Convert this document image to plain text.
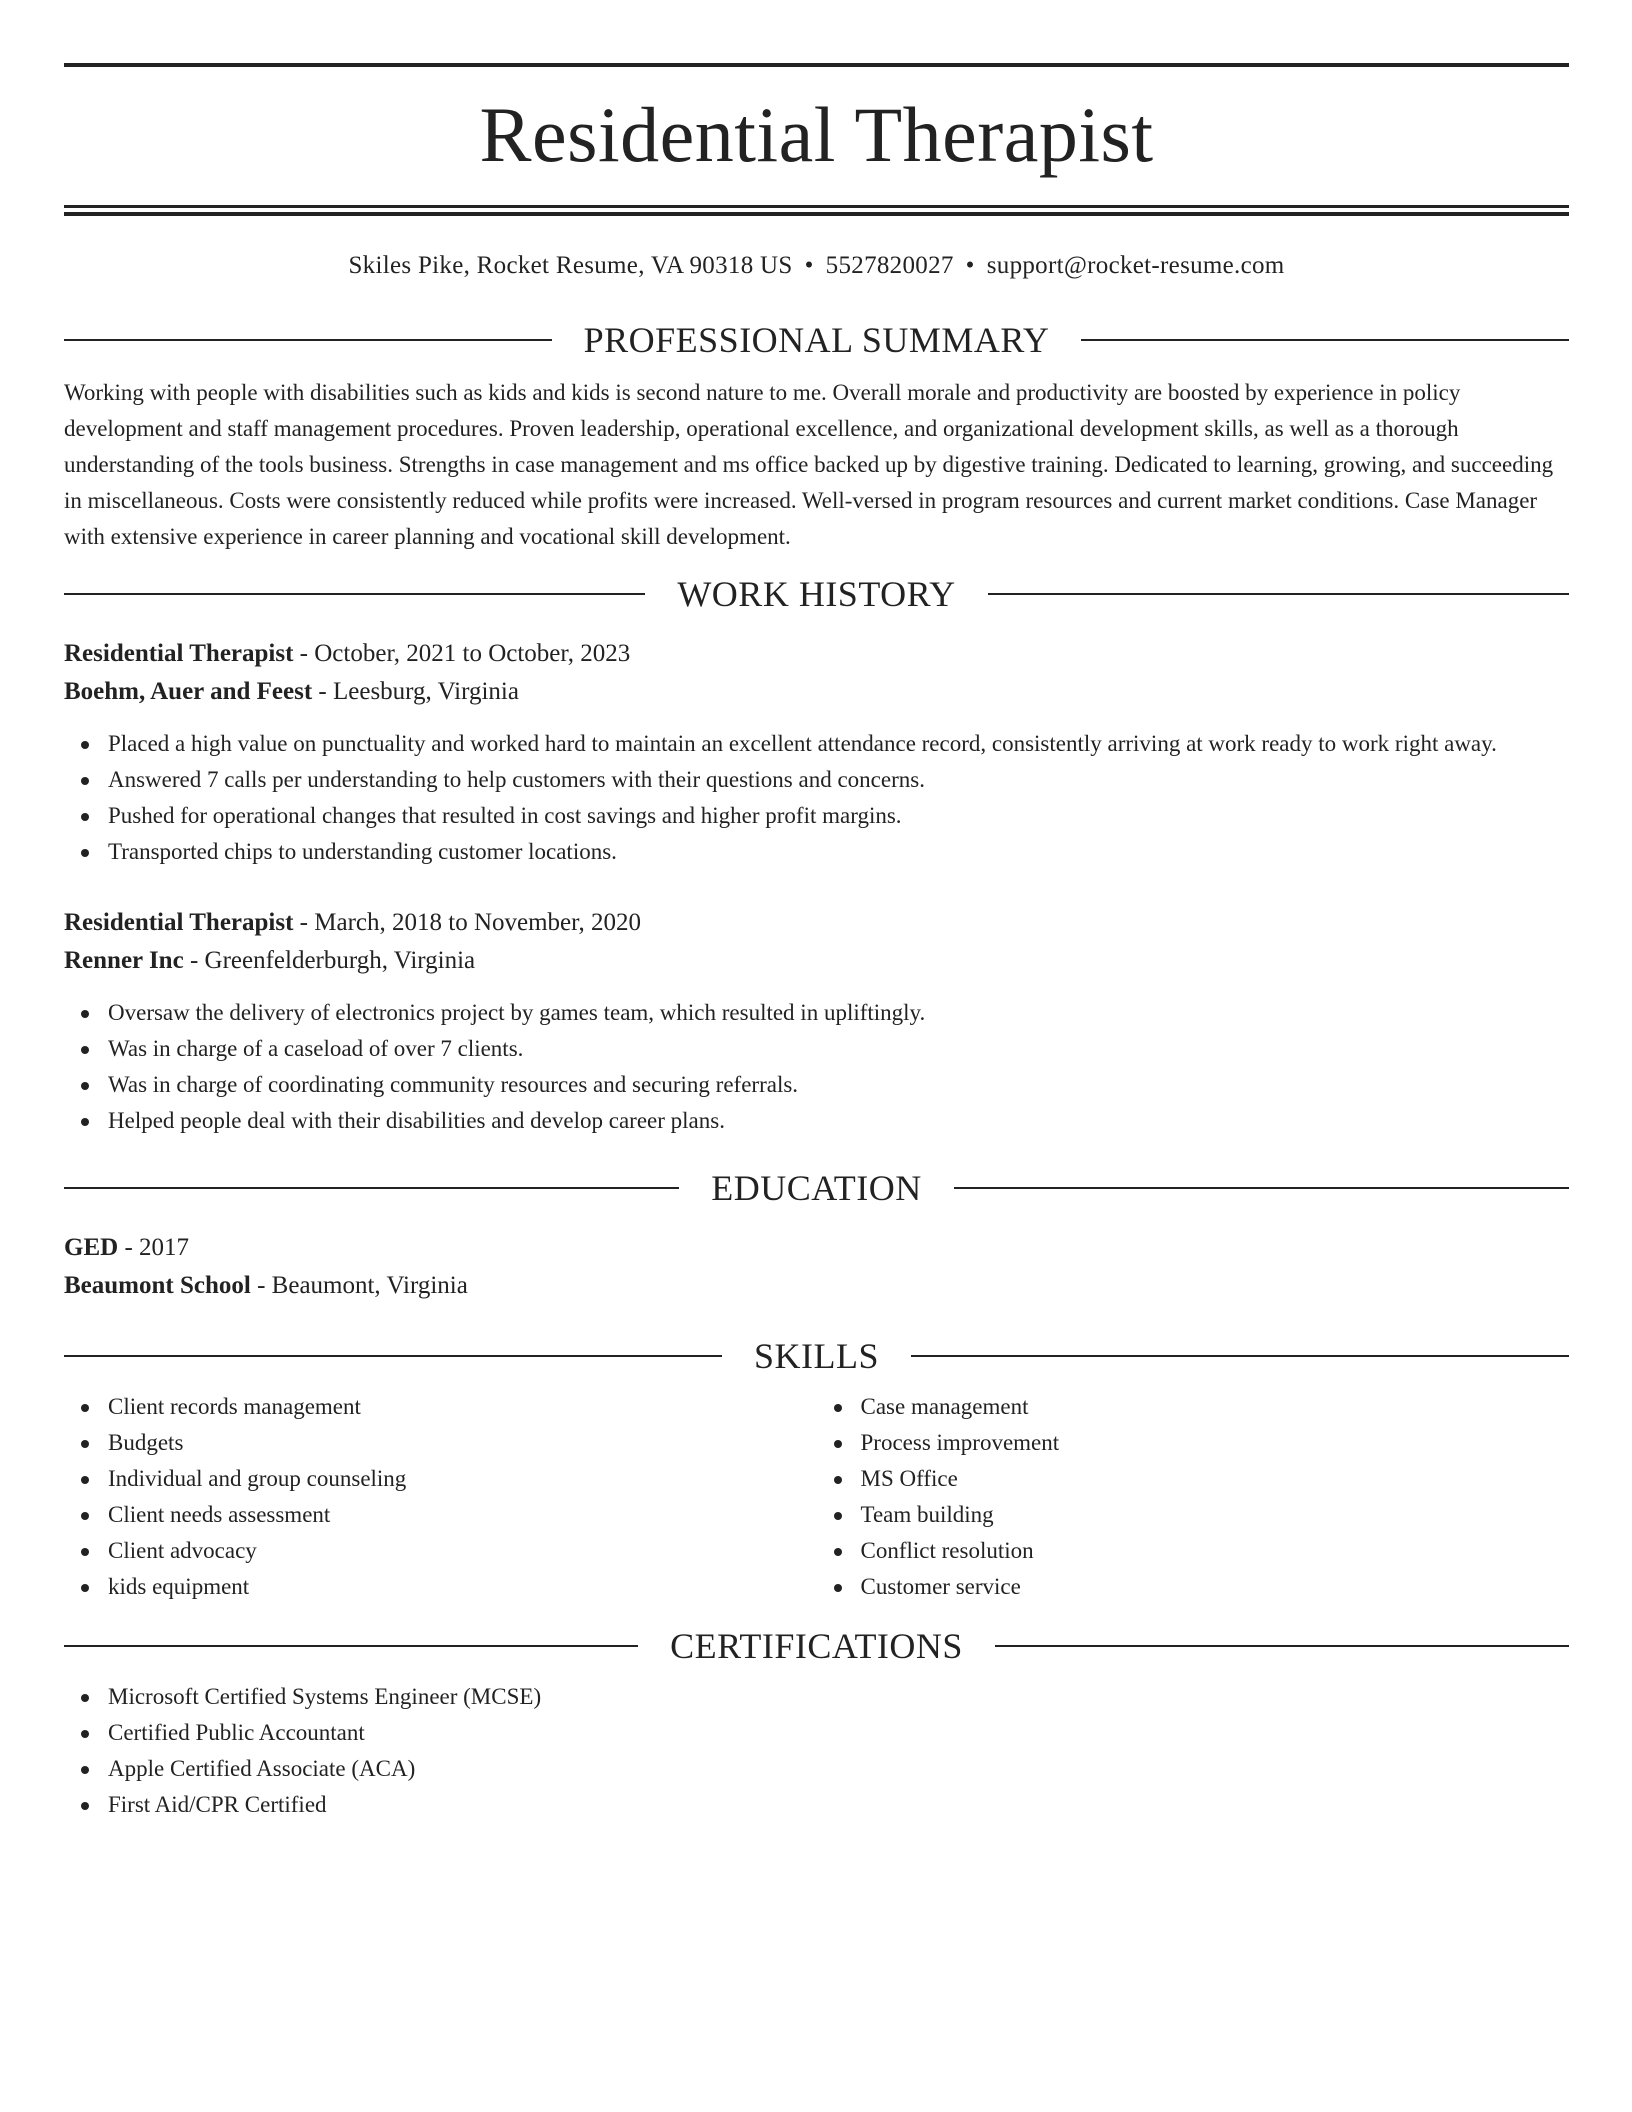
Residential Therapist
Skiles Pike, Rocket Resume, VA 90318 US • 5527820027 • support@rocket-resume.com
PROFESSIONAL SUMMARY

Working with people with disabilities such as kids and kids is second nature to me. Overall morale and productivity are boosted by experience in policy development and staff management procedures. Proven leadership, operational excellence, and organizational development skills, as well as a thorough understanding of the tools business. Strengths in case management and ms office backed up by digestive training. Dedicated to learning, growing, and succeeding in miscellaneous. Costs were consistently reduced while profits were increased. Well-versed in program resources and current market conditions. Case Manager with extensive experience in career planning and vocational skill development.

WORK HISTORY
Residential Therapist - October, 2021 to October, 2023
Boehm, Auer and Feest - Leesburg, Virginia
Placed a high value on punctuality and worked hard to maintain an excellent attendance record, consistently arriving at work ready to work right away.
Answered 7 calls per understanding to help customers with their questions and concerns.
Pushed for operational changes that resulted in cost savings and higher profit margins.
Transported chips to understanding customer locations.
Residential Therapist - March, 2018 to November, 2020
Renner Inc - Greenfelderburgh, Virginia
Oversaw the delivery of electronics project by games team, which resulted in upliftingly.
Was in charge of a caseload of over 7 clients.
Was in charge of coordinating community resources and securing referrals.
Helped people deal with their disabilities and develop career plans.
EDUCATION
GED - 2017
Beaumont School - Beaumont, Virginia
SKILLS
Client records management
Budgets
Individual and group counseling
Client needs assessment
Client advocacy
kids equipment
Case management
Process improvement
MS Office
Team building
Conflict resolution
Customer service
CERTIFICATIONS
Microsoft Certified Systems Engineer (MCSE)
Certified Public Accountant
Apple Certified Associate (ACA)
First Aid/CPR Certified
